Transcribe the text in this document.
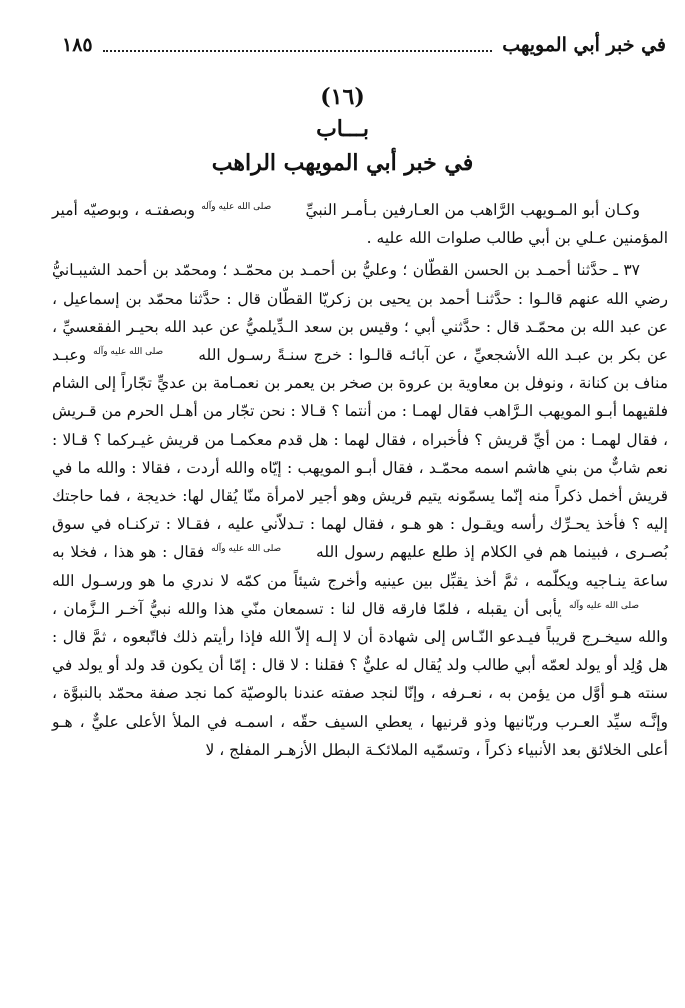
في خبر أبي المويهب
١٨٥
(١٦)
بـــاب
في خبر أبي المويهب الراهب

وكـان أبو المـويهب الرَّاهب من العـارفين بـأمـر النبيِّ صلى الله عليه وآله وبصفتـه ، وبوصيّه أمير المؤمنين عـلي بن أبي طالب صلوات الله عليه .

٣٧ ـ حدَّثنا أحمـد بن الحسن القطّان ؛ وعليُّ بن أحمـد بن محمّـد ؛ ومحمّد بن أحمد الشيبـانيُّ رضي الله عنهم قالـوا : حدَّثنـا أحمد بن يحيى بن زكريّا القطّان قال : حدَّثنا محمّد بن إسماعيل ، عن عبد الله بن محمّـد قال : حدَّثني أبي ؛ وقيس بن سعد الـدِّيلميُّ عن عبد الله بحيـر الفقعسيِّ ، عن بكر بن عبـد الله الأشجعيِّ ، عن آبائـه قالـوا : خرج سنـةً رسـول الله صلى الله عليه وآله وعبـد مناف بن كنانة ، ونوفل بن معاوية بن عروة بن صخر بن يعمر بن نعمـامة بن عديٍّ تجّاراً إلى الشام فلقيهما أبـو المويهب الـرَّاهب فقال لهمـا : من أنتما ؟ قـالا : نحن تجّار من أهـل الحرم من قـريش ، فقال لهمـا : من أيِّ قريش ؟ فأخبراه ، فقال لهما : هل قدم معكمـا من قريش غيـركما ؟ قـالا : نعم شابٌّ من بني هاشم اسمه محمّـد ، فقال أبـو المويهب : إيّاه والله أردت ، فقالا : والله ما في قريش أخمل ذكراً منه إنّما يسمّونه يتيم قريش وهو أجير لامرأة منّا يُقال لها: خديجة ، فما حاجتك إليه ؟ فأخذ يحـرِّك رأسه ويقـول : هو هـو ، فقال لهما : تـدلاّني عليه ، فقـالا : تركنـاه في سوق بُصـرى ، فبينما هم في الكلام إذ طلع عليهم رسول الله صلى الله عليه وآله فقال : هو هذا ، فخلا به ساعة ينـاجيه ويكلّمه ، ثمَّ أخذ يقبِّل بين عينيه وأخرج شيئاً من كمّه لا ندري ما هو ورسـول الله صلى الله عليه وآله يأبى أن يقبله ، فلمّا فارقه قال لنا : تسمعان منّي هذا والله نبيُّ آخـر الـزَّمان ، والله سيخـرج قريباً فيـدعو النّـاس إلى شهادة أن لا إلـه إلاّ الله فإذا رأيتم ذلك فاتّبعوه ، ثمَّ قال : هل وُلِد أو يولد لعمّه أبي طالب ولد يُقال له عليٌّ ؟ فقلنا : لا قال : إمّا أن يكون قد ولد أو يولد في سنته هـو أوَّل من يؤمن به ، نعـرفه ، وإنّا لنجد صفته عندنا بالوصيّة كما نجد صفة محمّد بالنبوَّة ، وإنَّـه سيِّد العـرب وربّانيها وذو قرنيها ، يعطي السيف حقّه ، اسمـه في الملأ الأعلى عليٌّ ، هـو أعلى الخلائق بعد الأنبياء ذكراً ، وتسمّيه الملائكـة البطل الأزهـر المفلج ، لا
